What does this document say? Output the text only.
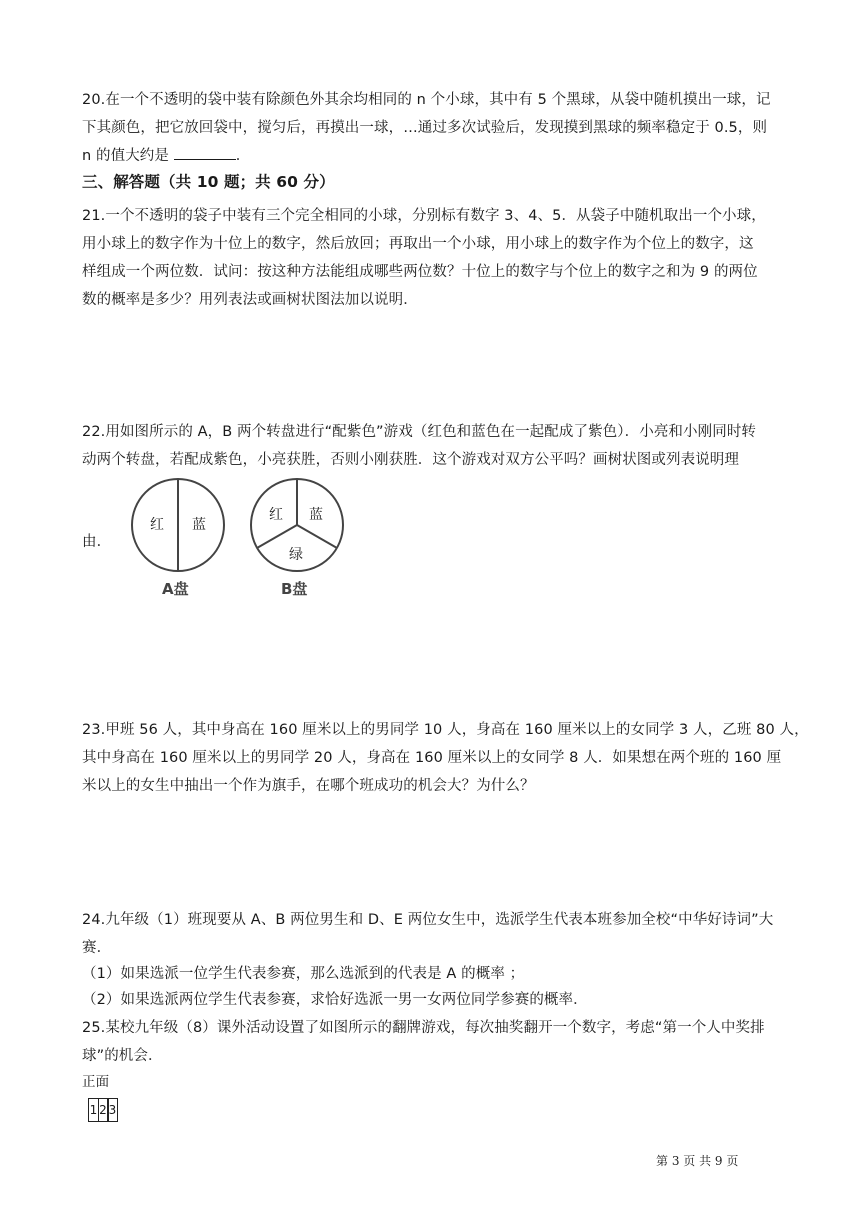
20.在一个不透明的袋中装有除颜色外其余均相同的 n 个小球，其中有 5 个黑球，从袋中随机摸出一球，记
下其颜色，把它放回袋中，搅匀后，再摸出一球，…通过多次试验后，发现摸到黑球的频率稳定于 0.5，则
n 的值大约是	．
三、解答题（共 10 题；共 60 分）
21.一个不透明的袋子中装有三个完全相同的小球，分别标有数字 3、4、5．从袋子中随机取出一个小球，
用小球上的数字作为十位上的数字，然后放回；再取出一个小球，用小球上的数字作为个位上的数字，这
样组成一个两位数．试问：按这种方法能组成哪些两位数？十位上的数字与个位上的数字之和为 9 的两位
数的概率是多少？用列表法或画树状图法加以说明．
22.用如图所示的 A，B 两个转盘进行“配紫色”游戏（红色和蓝色在一起配成了紫色）．小亮和小刚同时转
动两个转盘，若配成紫色，小亮获胜，否则小刚获胜．这个游戏对双方公平吗？画树状图或列表说明理
由．
红 蓝
A盘
红 蓝
绿
B盘
23.甲班 56 人，其中身高在 160 厘米以上的男同学 10 人，身高在 160 厘米以上的女同学 3 人，乙班 80 人，
其中身高在 160 厘米以上的男同学 20 人，身高在 160 厘米以上的女同学 8 人．如果想在两个班的 160 厘
米以上的女生中抽出一个作为旗手，在哪个班成功的机会大？为什么？
24.九年级（1）班现要从 A、B 两位男生和 D、E 两位女生中，选派学生代表本班参加全校“中华好诗词”大
赛．
（1）如果选派一位学生代表参赛，那么选派到的代表是 A 的概率 ；
（2）如果选派两位学生代表参赛，求恰好选派一男一女两位同学参赛的概率．
25.某校九年级（8）课外活动设置了如图所示的翻牌游戏，每次抽奖翻开一个数字，考虑“第一个人中奖排
球”的机会．
正面
1 2 3
第 3 页 共 9 页
